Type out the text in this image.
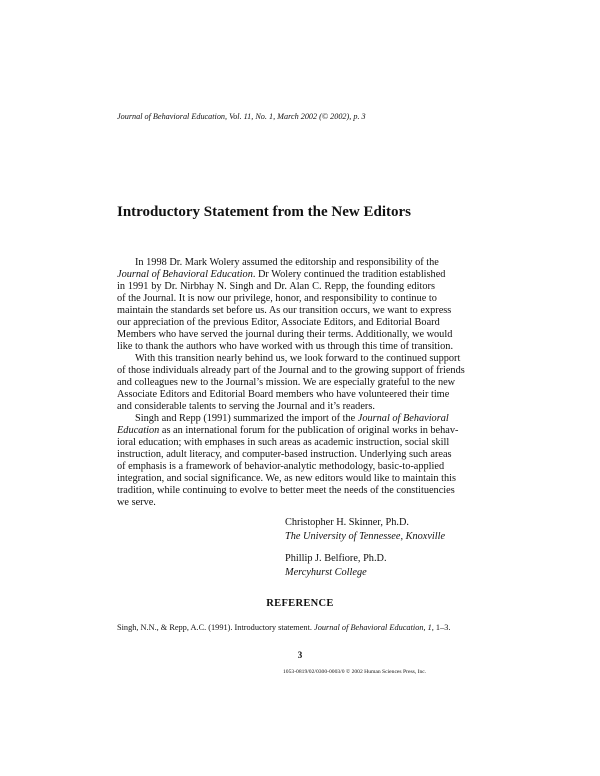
Journal of Behavioral Education, Vol. 11, No. 1, March 2002 (© 2002), p. 3
Introductory Statement from the New Editors
In 1998 Dr. Mark Wolery assumed the editorship and responsibility of the
Journal of Behavioral Education. Dr Wolery continued the tradition established
in 1991 by Dr. Nirbhay N. Singh and Dr. Alan C. Repp, the founding editors
of the Journal. It is now our privilege, honor, and responsibility to continue to
maintain the standards set before us. As our transition occurs, we want to express
our appreciation of the previous Editor, Associate Editors, and Editorial Board
Members who have served the journal during their terms. Additionally, we would
like to thank the authors who have worked with us through this time of transition.
With this transition nearly behind us, we look forward to the continued support
of those individuals already part of the Journal and to the growing support of friends
and colleagues new to the Journal’s mission. We are especially grateful to the new
Associate Editors and Editorial Board members who have volunteered their time
and considerable talents to serving the Journal and it’s readers.
Singh and Repp (1991) summarized the import of the Journal of Behavioral
Education as an international forum for the publication of original works in behav-
ioral education; with emphases in such areas as academic instruction, social skill
instruction, adult literacy, and computer-based instruction. Underlying such areas
of emphasis is a framework of behavior-analytic methodology, basic-to-applied
integration, and social significance. We, as new editors would like to maintain this
tradition, while continuing to evolve to better meet the needs of the constituencies
we serve.
Christopher H. Skinner, Ph.D.
The University of Tennessee, Knoxville
Phillip J. Belfiore, Ph.D.
Mercyhurst College
REFERENCE
Singh, N.N., & Repp, A.C. (1991). Introductory statement. Journal of Behavioral Education, 1, 1–3.
3
1053-0819/02/0300-0003/0 © 2002 Human Sciences Press, Inc.
